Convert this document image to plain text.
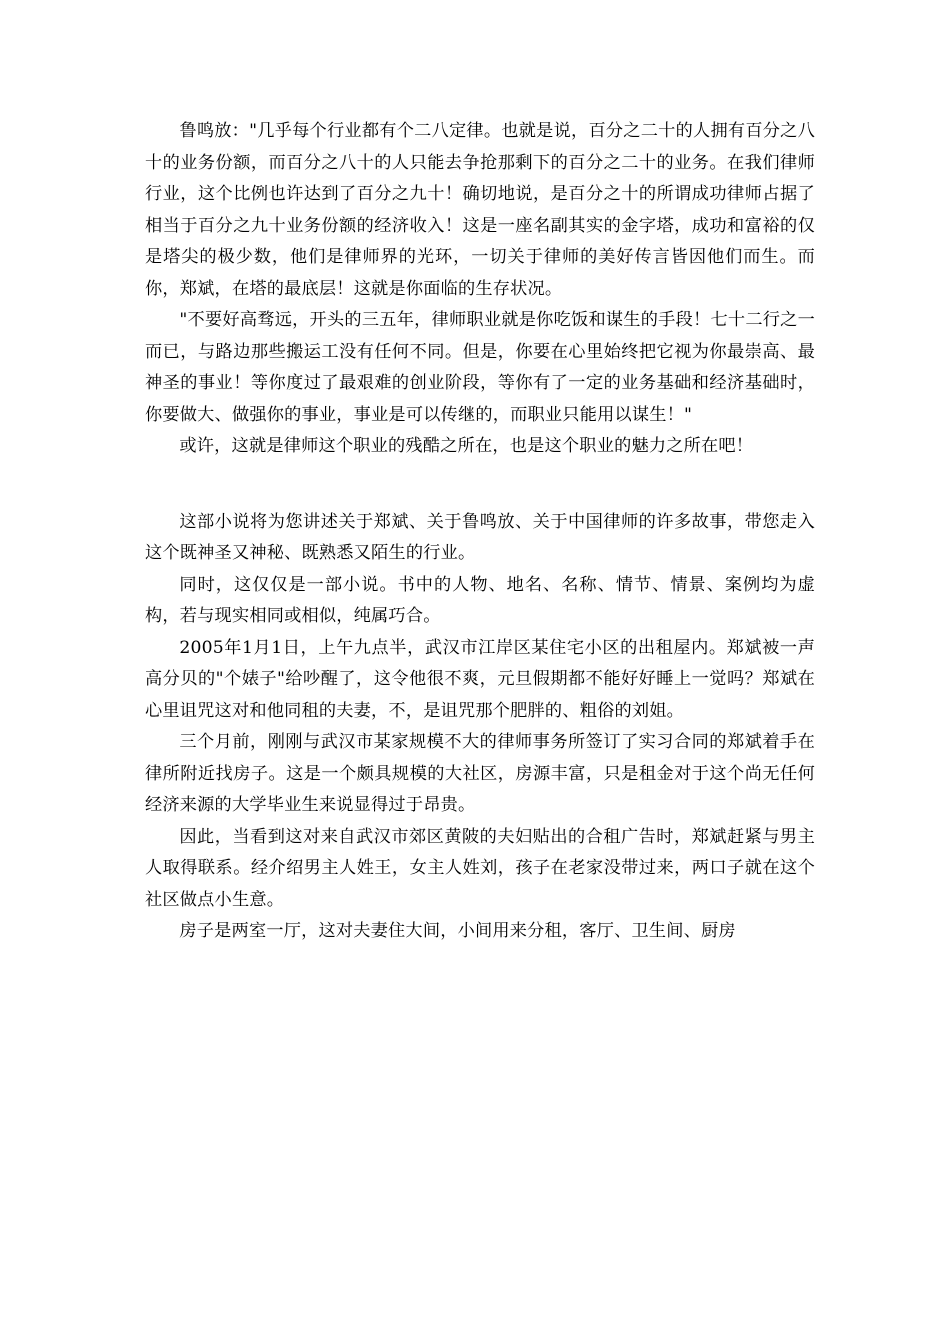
鲁鸣放："几乎每个行业都有个二八定律。也就是说，百分之二十的人拥有百分之八十的业务份额，而百分之八十的人只能去争抢那剩下的百分之二十的业务。在我们律师行业，这个比例也许达到了百分之九十！确切地说，是百分之十的所谓成功律师占据了相当于百分之九十业务份额的经济收入！这是一座名副其实的金字塔，成功和富裕的仅是塔尖的极少数，他们是律师界的光环，一切关于律师的美好传言皆因他们而生。而你，郑斌，在塔的最底层！这就是你面临的生存状况。

"不要好高骛远，开头的三五年，律师职业就是你吃饭和谋生的手段！七十二行之一而已，与路边那些搬运工没有任何不同。但是，你要在心里始终把它视为你最崇高、最神圣的事业！等你度过了最艰难的创业阶段，等你有了一定的业务基础和经济基础时，你要做大、做强你的事业，事业是可以传继的，而职业只能用以谋生！"

或许，这就是律师这个职业的残酷之所在，也是这个职业的魅力之所在吧！

这部小说将为您讲述关于郑斌、关于鲁鸣放、关于中国律师的许多故事，带您走入这个既神圣又神秘、既熟悉又陌生的行业。

同时，这仅仅是一部小说。书中的人物、地名、名称、情节、情景、案例均为虚构，若与现实相同或相似，纯属巧合。

2005年1月1日，上午九点半，武汉市江岸区某住宅小区的出租屋内。郑斌被一声高分贝的"个婊子"给吵醒了，这令他很不爽，元旦假期都不能好好睡上一觉吗？郑斌在心里诅咒这对和他同租的夫妻，不，是诅咒那个肥胖的、粗俗的刘姐。

三个月前，刚刚与武汉市某家规模不大的律师事务所签订了实习合同的郑斌着手在律所附近找房子。这是一个颇具规模的大社区，房源丰富，只是租金对于这个尚无任何经济来源的大学毕业生来说显得过于昂贵。

因此，当看到这对来自武汉市郊区黄陂的夫妇贴出的合租广告时，郑斌赶紧与男主人取得联系。经介绍男主人姓王，女主人姓刘，孩子在老家没带过来，两口子就在这个社区做点小生意。

房子是两室一厅，这对夫妻住大间，小间用来分租，客厅、卫生间、厨房
